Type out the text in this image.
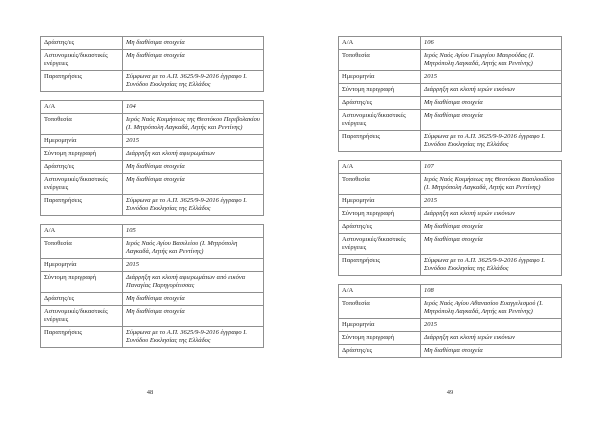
Δράστης/ες	Μη διαθέσιμα στοιχεία
Αστυνομικές/δικαστικές ενέργειες	Μη διαθέσιμα στοιχεία
Παρατηρήσεις	Σύμφωνα με το Α.Π. 3625/9-9-2016 έγγραφο Ι. Συνόδου Εκκλησίας της Ελλάδος
Α/Α	104
Τοποθεσία	Ιερός Ναός Κοιμήσεως της Θεοτόκου Περιβολακίου (Ι. Μητρόπολη Λαγκαδά, Λητής και Ρεντίνης)
Ημερομηνία	2015
Σύντομη περιγραφή	Διάρρηξη και κλοπή αφιερωμάτων
Δράστης/ες	Μη διαθέσιμα στοιχεία
Αστυνομικές/δικαστικές ενέργειες	Μη διαθέσιμα στοιχεία
Παρατηρήσεις	Σύμφωνα με το Α.Π. 3625/9-9-2016 έγγραφο Ι. Συνόδου Εκκλησίας της Ελλάδος
Α/Α	105
Τοποθεσία	Ιερός Ναός Αγίου Βασιλείου (Ι. Μητρόπολη Λαγκαδά, Λητής και Ρεντίνης)
Ημερομηνία	2015
Σύντομη περιγραφή	Διάρρηξη και κλοπή αφιερωμάτων από εικόνα Παναγίας Παρηγορίτισσας
Δράστης/ες	Μη διαθέσιμα στοιχεία
Αστυνομικές/δικαστικές ενέργειες	Μη διαθέσιμα στοιχεία
Παρατηρήσεις	Σύμφωνα με το Α.Π. 3625/9-9-2016 έγγραφο Ι. Συνόδου Εκκλησίας της Ελλάδος
48
Α/Α	106
Τοποθεσία	Ιερός Ναός Αγίου Γεωργίου Μαυρούδας (Ι. Μητρόπολη Λαγκαδά, Λητής και Ρεντίνης)
Ημερομηνία	2015
Σύντομη περιγραφή	Διάρρηξη και κλοπή ιερών εικόνων
Δράστης/ες	Μη διαθέσιμα στοιχεία
Αστυνομικές/δικαστικές ενέργειες	Μη διαθέσιμα στοιχεία
Παρατηρήσεις	Σύμφωνα με το Α.Π. 3625/9-9-2016 έγγραφο Ι. Συνόδου Εκκλησίας της Ελλάδος
Α/Α	107
Τοποθεσία	Ιερός Ναός Κοιμήσεως της Θεοτόκου Βασιλουδίου (Ι. Μητρόπολη Λαγκαδά, Λητής και Ρεντίνης)
Ημερομηνία	2015
Σύντομη περιγραφή	Διάρρηξη και κλοπή ιερών εικόνων
Δράστης/ες	Μη διαθέσιμα στοιχεία
Αστυνομικές/δικαστικές ενέργειες	Μη διαθέσιμα στοιχεία
Παρατηρήσεις	Σύμφωνα με το Α.Π. 3625/9-9-2016 έγγραφο Ι. Συνόδου Εκκλησίας της Ελλάδος
Α/Α	108
Τοποθεσία	Ιερός Ναός Αγίου Αθανασίου Ευαγγελισμού (Ι. Μητρόπολη Λαγκαδά, Λητής και Ρεντίνης)
Ημερομηνία	2015
Σύντομη περιγραφή	Διάρρηξη και κλοπή ιερών εικόνων
Δράστης/ες	Μη διαθέσιμα στοιχεία
49
